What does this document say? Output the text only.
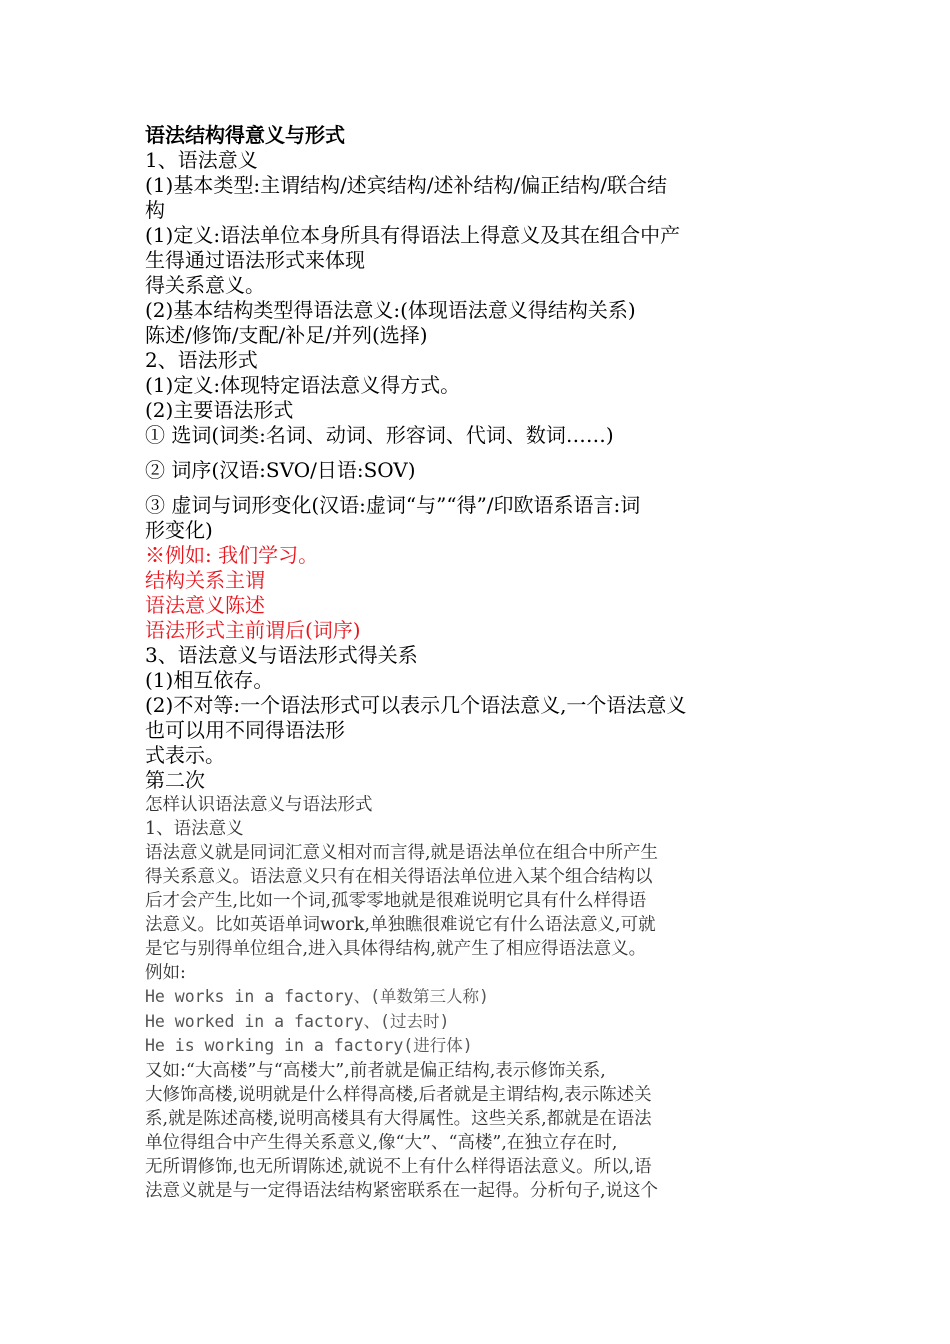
语法结构得意义与形式

1、语法意义

(1)基本类型:主谓结构/述宾结构/述补结构/偏正结构/联合结

构

(1)定义:语法单位本身所具有得语法上得意义及其在组合中产

生得通过语法形式来体现

得关系意义。

(2)基本结构类型得语法意义:(体现语法意义得结构关系)

陈述/修饰/支配/补足/并列(选择)

2、语法形式

(1)定义:体现特定语法意义得方式。

(2)主要语法形式

① 选词(词类:名词、动词、形容词、代词、数词……)

② 词序(汉语:SVO/日语:SOV)

③ 虚词与词形变化(汉语:虚词“与”“得”/印欧语系语言:词

形变化)

※例如: 我们学习。

结构关系主谓

语法意义陈述

语法形式主前谓后(词序)

3、语法意义与语法形式得关系

(1)相互依存。

(2)不对等:一个语法形式可以表示几个语法意义,一个语法意义

也可以用不同得语法形

式表示。

第二次

怎样认识语法意义与语法形式

1、语法意义

语法意义就是同词汇意义相对而言得,就是语法单位在组合中所产生

得关系意义。语法意义只有在相关得语法单位进入某个组合结构以

后才会产生,比如一个词,孤零零地就是很难说明它具有什么样得语

法意义。比如英语单词work,单独瞧很难说它有什么语法意义,可就

是它与别得单位组合,进入具体得结构,就产生了相应得语法意义。

例如:

He works in a factory、(单数第三人称)

He worked in a factory、(过去时)

He is working in a factory(进行体)

又如:“大高楼”与“高楼大”,前者就是偏正结构,表示修饰关系,

大修饰高楼,说明就是什么样得高楼,后者就是主谓结构,表示陈述关

系,就是陈述高楼,说明高楼具有大得属性。这些关系,都就是在语法

单位得组合中产生得关系意义,像“大”、“高楼”,在独立存在时,

无所谓修饰,也无所谓陈述,就说不上有什么样得语法意义。所以,语

法意义就是与一定得语法结构紧密联系在一起得。分析句子,说这个
